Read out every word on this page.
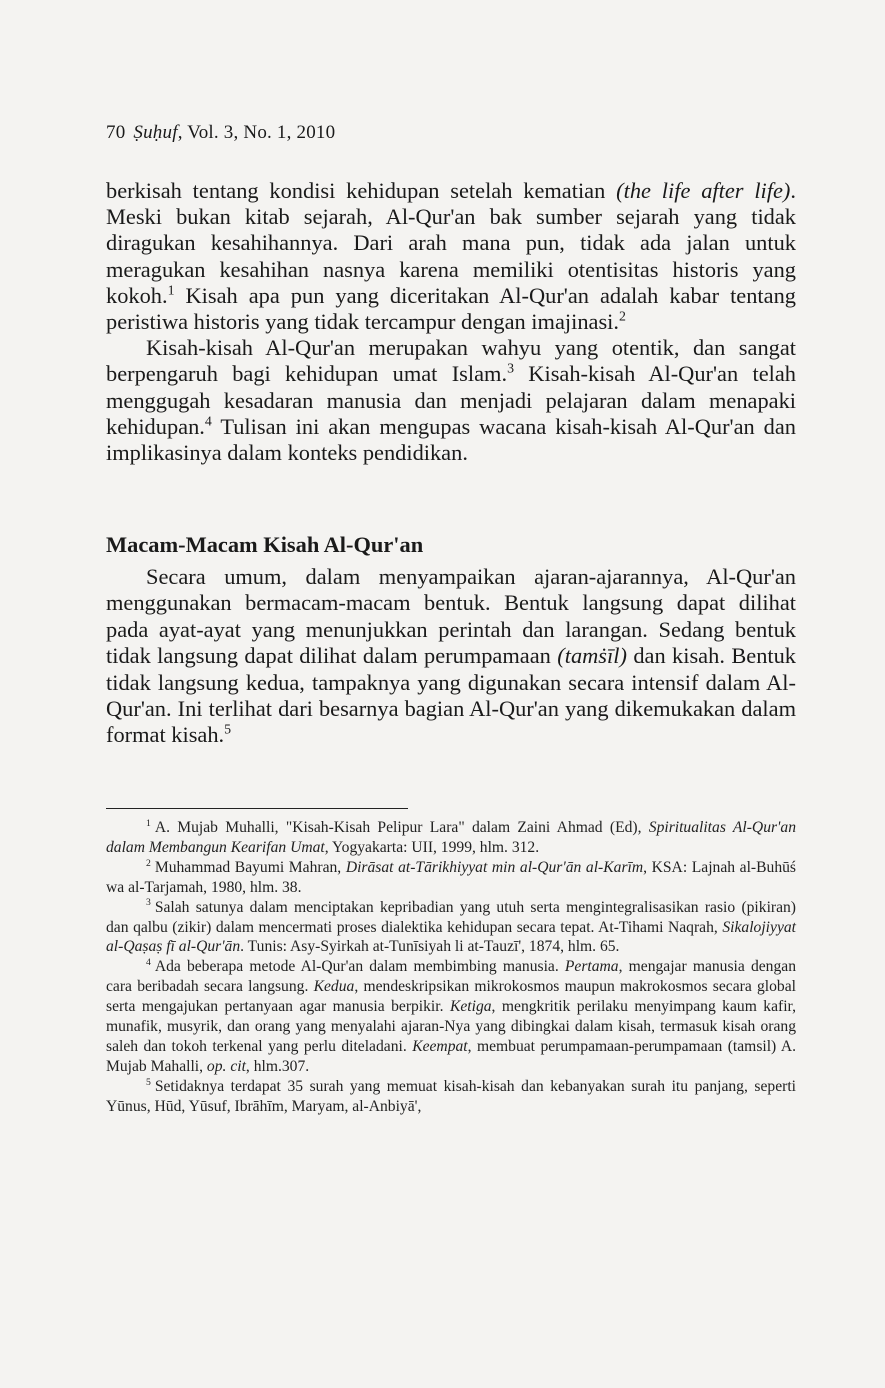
70 Ṣuḥuf, Vol. 3, No. 1, 2010

berkisah tentang kondisi kehidupan setelah kematian (the life after life). Meski bukan kitab sejarah, Al-Qur'an bak sumber sejarah yang tidak diragukan kesahihannya. Dari arah mana pun, tidak ada jalan untuk meragukan kesahihan nasnya karena memiliki otentisitas historis yang kokoh.$^1$ Kisah apa pun yang diceritakan Al-Qur'an adalah kabar tentang peristiwa historis yang tidak tercampur dengan imajinasi.$^2$

Kisah-kisah Al-Qur'an merupakan wahyu yang otentik, dan sangat berpengaruh bagi kehidupan umat Islam.$^3$ Kisah-kisah Al-Qur'an telah menggugah kesadaran manusia dan menjadi pelajaran dalam menapaki kehidupan.$^4$ Tulisan ini akan mengupas wacana kisah-kisah Al-Qur'an dan implikasinya dalam konteks pendidikan.

Macam-Macam Kisah Al-Qur'an

Secara umum, dalam menyampaikan ajaran-ajarannya, Al-Qur'an menggunakan bermacam-macam bentuk. Bentuk langsung dapat dilihat pada ayat-ayat yang menunjukkan perintah dan larangan. Sedang bentuk tidak langsung dapat dilihat dalam perumpamaan (tamṡīl) dan kisah. Bentuk tidak langsung kedua, tampaknya yang digunakan secara intensif dalam Al-Qur'an. Ini terlihat dari besarnya bagian Al-Qur'an yang dikemukakan dalam format kisah.$^5$

$^1$ A. Mujab Muhalli, "Kisah-Kisah Pelipur Lara" dalam Zaini Ahmad (Ed), Spiritualitas Al-Qur'an dalam Membangun Kearifan Umat, Yogyakarta: UII, 1999, hlm. 312.

$^2$ Muhammad Bayumi Mahran, Dirāsat at-Tārikhiyyat min al-Qur'ān al-Karīm, KSA: Lajnah al-Buhūś wa al-Tarjamah, 1980, hlm. 38.

$^3$ Salah satunya dalam menciptakan kepribadian yang utuh serta mengintegralisasikan rasio (pikiran) dan qalbu (zikir) dalam mencermati proses dialektika kehidupan secara tepat. At-Tihami Naqrah, Sikalojiyyat al-Qaṣaṣ fī al-Qur'ān. Tunis: Asy-Syirkah at-Tunīsiyah li at-Tauzī', 1874, hlm. 65.

$^4$ Ada beberapa metode Al-Qur'an dalam membimbing manusia. Pertama, mengajar manusia dengan cara beribadah secara langsung. Kedua, mendeskripsikan mikrokosmos maupun makrokosmos secara global serta mengajukan pertanyaan agar manusia berpikir. Ketiga, mengkritik perilaku menyimpang kaum kafir, munafik, musyrik, dan orang yang menyalahi ajaran-Nya yang dibingkai dalam kisah, termasuk kisah orang saleh dan tokoh terkenal yang perlu diteladani. Keempat, membuat perumpamaan-perumpamaan (tamsil) A. Mujab Mahalli, op. cit, hlm.307.

$^5$ Setidaknya terdapat 35 surah yang memuat kisah-kisah dan kebanyakan surah itu panjang, seperti Yūnus, Hūd, Yūsuf, Ibrāhīm, Maryam, al-Anbiyā',
